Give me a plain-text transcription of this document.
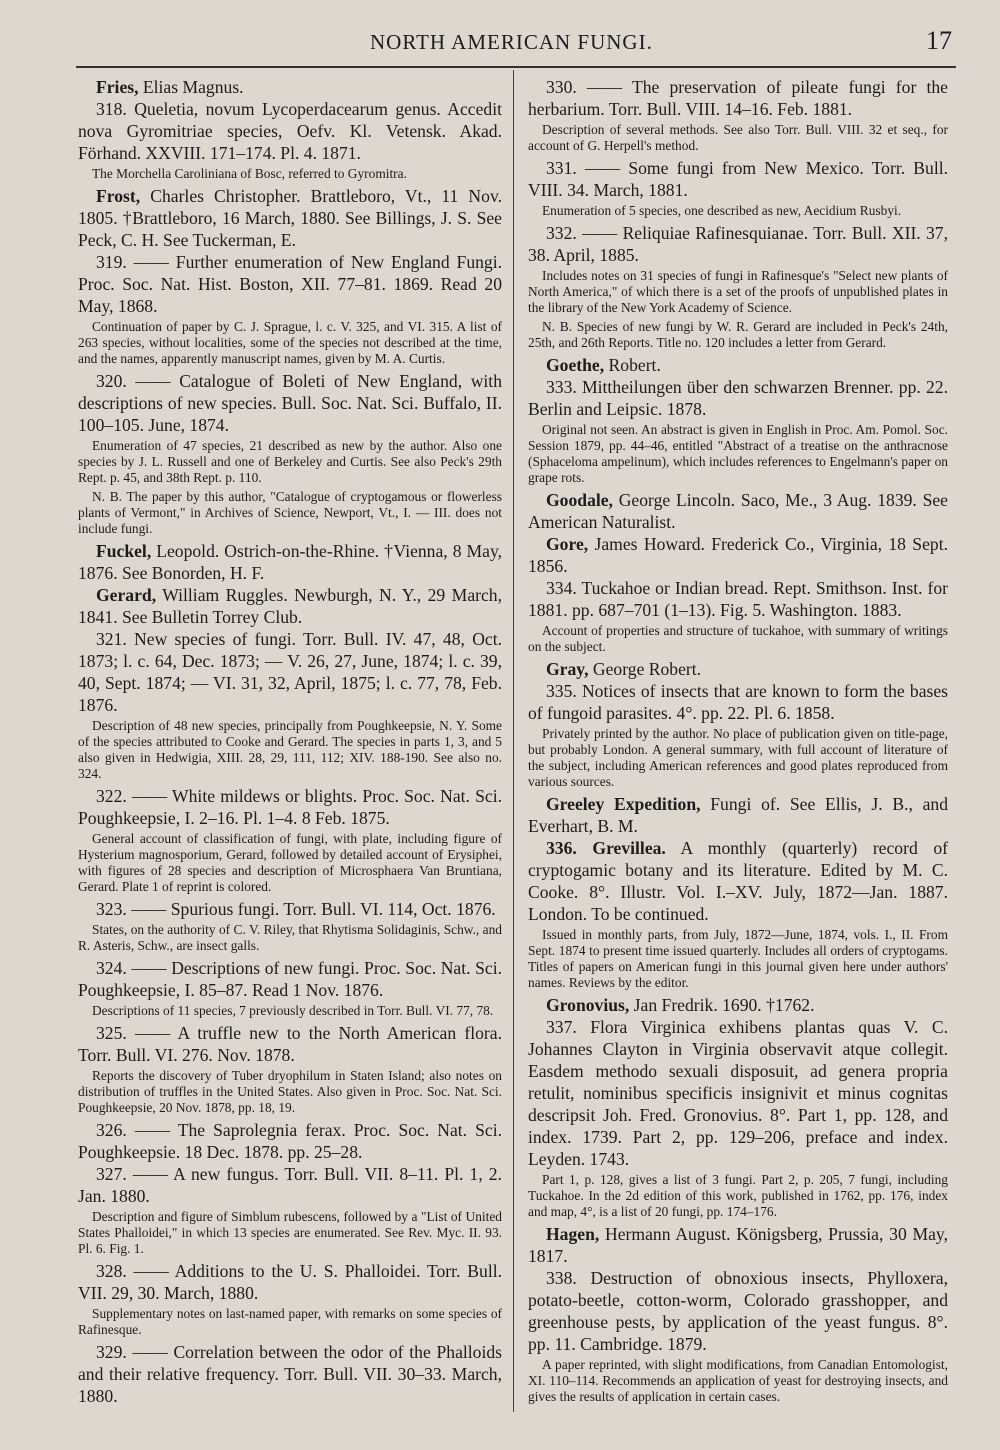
NORTH AMERICAN FUNGI.	17

Fries, Elias Magnus.

318. Queletia, novum Lycoperdacearum genus. Accedit nova Gyromitriae species, Oefv. Kl. Vetensk. Akad. Förhand. XXVIII. 171–174. Pl. 4. 1871.

The Morchella Caroliniana of Bosc, referred to Gyromitra.

Frost, Charles Christopher. Brattleboro, Vt., 11 Nov. 1805. †Brattleboro, 16 March, 1880. See Billings, J. S. See Peck, C. H. See Tuckerman, E.

319. —— Further enumeration of New England Fungi. Proc. Soc. Nat. Hist. Boston, XII. 77–81. 1869. Read 20 May, 1868.

Continuation of paper by C. J. Sprague, l. c. V. 325, and VI. 315. A list of 263 species, without localities, some of the species not described at the time, and the names, apparently manuscript names, given by M. A. Curtis.

320. —— Catalogue of Boleti of New England, with descriptions of new species. Bull. Soc. Nat. Sci. Buffalo, II. 100–105. June, 1874.

Enumeration of 47 species, 21 described as new by the author. Also one species by J. L. Russell and one of Berkeley and Curtis. See also Peck's 29th Rept. p. 45, and 38th Rept. p. 110.

N. B. The paper by this author, "Catalogue of cryptogamous or flowerless plants of Vermont," in Archives of Science, Newport, Vt., I. — III. does not include fungi.

Fuckel, Leopold. Ostrich-on-the-Rhine. †Vienna, 8 May, 1876. See Bonorden, H. F.

Gerard, William Ruggles. Newburgh, N. Y., 29 March, 1841. See Bulletin Torrey Club.

321. New species of fungi. Torr. Bull. IV. 47, 48, Oct. 1873; l. c. 64, Dec. 1873; — V. 26, 27, June, 1874; l. c. 39, 40, Sept. 1874; — VI. 31, 32, April, 1875; l. c. 77, 78, Feb. 1876.

Description of 48 new species, principally from Poughkeepsie, N. Y. Some of the species attributed to Cooke and Gerard. The species in parts 1, 3, and 5 also given in Hedwigia, XIII. 28, 29, 111, 112; XIV. 188-190. See also no. 324.

322. —— White mildews or blights. Proc. Soc. Nat. Sci. Poughkeepsie, I. 2–16. Pl. 1–4. 8 Feb. 1875.

General account of classification of fungi, with plate, including figure of Hysterium magnosporium, Gerard, followed by detailed account of Erysiphei, with figures of 28 species and description of Microsphaera Van Bruntiana, Gerard. Plate 1 of reprint is colored.

323. —— Spurious fungi. Torr. Bull. VI. 114, Oct. 1876.

States, on the authority of C. V. Riley, that Rhytisma Solidaginis, Schw., and R. Asteris, Schw., are insect galls.

324. —— Descriptions of new fungi. Proc. Soc. Nat. Sci. Poughkeepsie, I. 85–87. Read 1 Nov. 1876.

Descriptions of 11 species, 7 previously described in Torr. Bull. VI. 77, 78.

325. —— A truffle new to the North American flora. Torr. Bull. VI. 276. Nov. 1878.

Reports the discovery of Tuber dryophilum in Staten Island; also notes on distribution of truffles in the United States. Also given in Proc. Soc. Nat. Sci. Poughkeepsie, 20 Nov. 1878, pp. 18, 19.

326. —— The Saprolegnia ferax. Proc. Soc. Nat. Sci. Poughkeepsie. 18 Dec. 1878. pp. 25–28.

327. —— A new fungus. Torr. Bull. VII. 8–11. Pl. 1, 2. Jan. 1880.

Description and figure of Simblum rubescens, followed by a "List of United States Phalloidei," in which 13 species are enumerated. See Rev. Myc. II. 93. Pl. 6. Fig. 1.

328. —— Additions to the U. S. Phalloidei. Torr. Bull. VII. 29, 30. March, 1880.

Supplementary notes on last-named paper, with remarks on some species of Rafinesque.

329. —— Correlation between the odor of the Phalloids and their relative frequency. Torr. Bull. VII. 30–33. March, 1880.

330. —— The preservation of pileate fungi for the herbarium. Torr. Bull. VIII. 14–16. Feb. 1881.

Description of several methods. See also Torr. Bull. VIII. 32 et seq., for account of G. Herpell's method.

331. —— Some fungi from New Mexico. Torr. Bull. VIII. 34. March, 1881.

Enumeration of 5 species, one described as new, Aecidium Rusbyi.

332. —— Reliquiae Rafinesquianae. Torr. Bull. XII. 37, 38. April, 1885.

Includes notes on 31 species of fungi in Rafinesque's "Select new plants of North America," of which there is a set of the proofs of unpublished plates in the library of the New York Academy of Science.

N. B. Species of new fungi by W. R. Gerard are included in Peck's 24th, 25th, and 26th Reports. Title no. 120 includes a letter from Gerard.

Goethe, Robert.

333. Mittheilungen über den schwarzen Brenner. pp. 22. Berlin and Leipsic. 1878.

Original not seen. An abstract is given in English in Proc. Am. Pomol. Soc. Session 1879, pp. 44–46, entitled "Abstract of a treatise on the anthracnose (Sphaceloma ampelinum), which includes references to Engelmann's paper on grape rots.

Goodale, George Lincoln. Saco, Me., 3 Aug. 1839. See American Naturalist.

Gore, James Howard. Frederick Co., Virginia, 18 Sept. 1856.

334. Tuckahoe or Indian bread. Rept. Smithson. Inst. for 1881. pp. 687–701 (1–13). Fig. 5. Washington. 1883.

Account of properties and structure of tuckahoe, with summary of writings on the subject.

Gray, George Robert.

335. Notices of insects that are known to form the bases of fungoid parasites. 4°. pp. 22. Pl. 6. 1858.

Privately printed by the author. No place of publication given on title-page, but probably London. A general summary, with full account of literature of the subject, including American references and good plates reproduced from various sources.

Greeley Expedition, Fungi of. See Ellis, J. B., and Everhart, B. M.

336. Grevillea. A monthly (quarterly) record of cryptogamic botany and its literature. Edited by M. C. Cooke. 8°. Illustr. Vol. I.–XV. July, 1872—Jan. 1887. London. To be continued.

Issued in monthly parts, from July, 1872—June, 1874, vols. I., II. From Sept. 1874 to present time issued quarterly. Includes all orders of cryptogams. Titles of papers on American fungi in this journal given here under authors' names. Reviews by the editor.

Gronovius, Jan Fredrik. 1690. †1762.

337. Flora Virginica exhibens plantas quas V. C. Johannes Clayton in Virginia observavit atque collegit. Easdem methodo sexuali disposuit, ad genera propria retulit, nominibus specificis insignivit et minus cognitas descripsit Joh. Fred. Gronovius. 8°. Part 1, pp. 128, and index. 1739. Part 2, pp. 129–206, preface and index. Leyden. 1743.

Part 1, p. 128, gives a list of 3 fungi. Part 2, p. 205, 7 fungi, including Tuckahoe. In the 2d edition of this work, published in 1762, pp. 176, index and map, 4°, is a list of 20 fungi, pp. 174–176.

Hagen, Hermann August. Königsberg, Prussia, 30 May, 1817.

338. Destruction of obnoxious insects, Phylloxera, potato-beetle, cotton-worm, Colorado grasshopper, and greenhouse pests, by application of the yeast fungus. 8°. pp. 11. Cambridge. 1879.

A paper reprinted, with slight modifications, from Canadian Entomologist, XI. 110–114. Recommends an application of yeast for destroying insects, and gives the results of application in certain cases.
